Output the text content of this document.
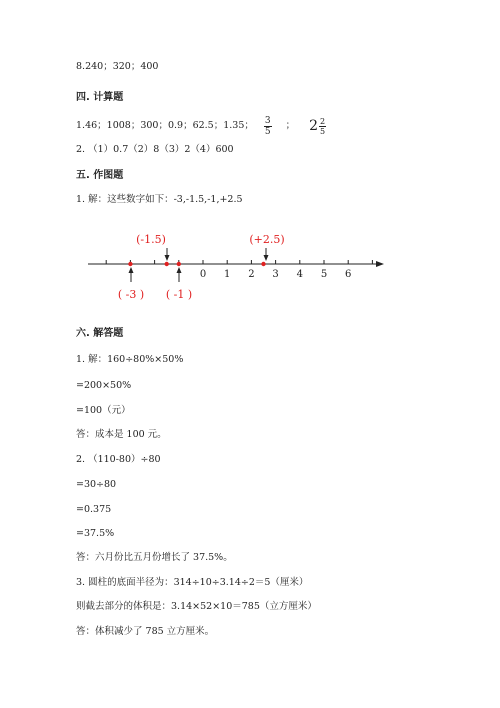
8.240；320；400
四. 计算题
1.46；1008；300；0.9；62.5；1.35； $\frac{3}{5}$ ； $2 \frac{2}{5}$
2. （1）0.7（2）8（3）2（4）600
五. 作图题
1. 解：这些数字如下：-3,-1.5,-1,+2.5
0 1 2 3 4 5 6
(-1.5)	(+2.5)
( -3 ) ( -1 )
六. 解答题
1. 解：160÷80%×50%
=200×50%
=100（元）
答：成本是 100 元。
2. （110-80）÷80
=30÷80
=0.375
=37.5%
答：六月份比五月份增长了 37.5%。
3. 圆柱的底面半径为：314÷10÷3.14÷2＝5（厘米）
则截去部分的体积是：3.14×52×10＝785（立方厘米）
答：体积减少了 785 立方厘米。
